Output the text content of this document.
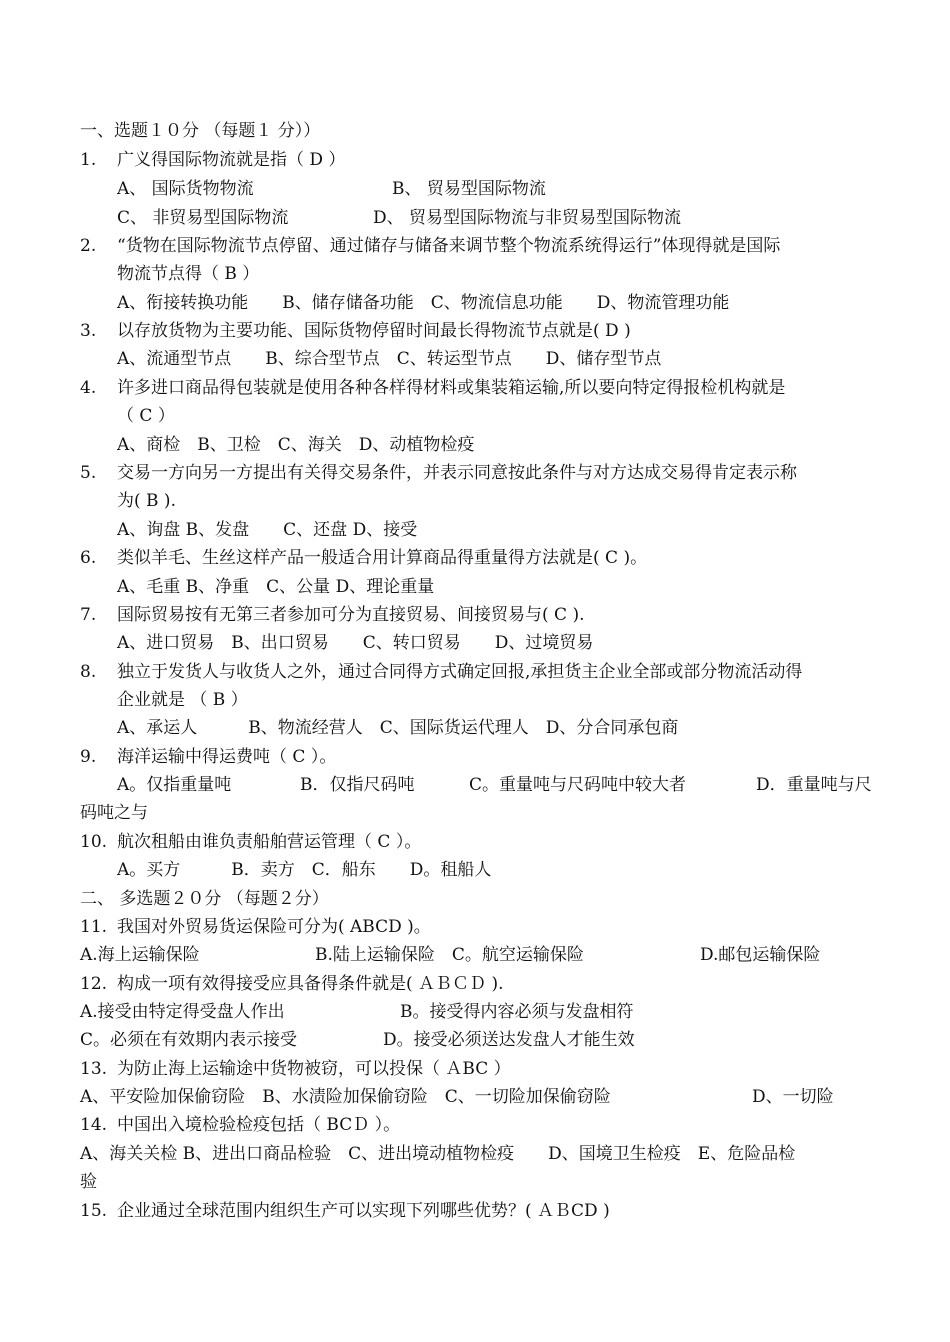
一、选题１０分 （每题１ 分））
1. 广义得国际物流就是指（ D ）
A、 国际货物物流	B、 贸易型国际物流
C、 非贸易型国际物流	D、 贸易型国际物流与非贸易型国际物流
2. “货物在国际物流节点停留、通过储存与储备来调节整个物流系统得运行”体现得就是国际
物流节点得（ B ）
A、衔接转换功能　　B、储存储备功能　C、物流信息功能　　D、物流管理功能
3. 以存放货物为主要功能、国际货物停留时间最长得物流节点就是( D )
A、流通型节点　　B、综合型节点　C、转运型节点　　D、储存型节点
4. 许多进口商品得包装就是使用各种各样得材料或集装箱运输,所以要向特定得报检机构就是
（ C ）
A、商检　B、卫检　C、海关　D、动植物检疫
5. 交易一方向另一方提出有关得交易条件，并表示同意按此条件与对方达成交易得肯定表示称
为( B ).
A、询盘 B、发盘　　C、还盘 D、接受
6. 类似羊毛、生丝这样产品一般适合用计算商品得重量得方法就是( C )。
A、毛重 B、净重　C、公量 D、理论重量
7. 国际贸易按有无第三者参加可分为直接贸易、间接贸易与( C ).
A、进口贸易　B、出口贸易　　C、转口贸易　　D、过境贸易
8. 独立于发货人与收货人之外，通过合同得方式确定回报,承担货主企业全部或部分物流活动得
企业就是 （ B ）
A、承运人　　　B、物流经营人　C、国际货运代理人　D、分合同承包商
9. 海洋运输中得运费吨（ C ）。
A。仅指重量吨	B．仅指尺码吨	C。重量吨与尺码吨中较大者	D．重量吨与尺
码吨之与
10. 航次租船由谁负责船舶营运管理（ C ）。
A。买方　　　B．卖方　C．船东　　D。租船人
二、 多选题２０分 （每题２分）
11. 我国对外贸易货运保险可分为( ABCD )。
A.海上运输保险	B.陆上运输保险　C。航空运输保险	D.邮包运输保险
12. 构成一项有效得接受应具备得条件就是( ＡＢＣＤ ).
A.接受由特定得受盘人作出	B。接受得内容必须与发盘相符
C。必须在有效期内表示接受	D。接受必须送达发盘人才能生效
13. 为防止海上运输途中货物被窃，可以投保（ ＡBC ）
A、平安险加保偷窃险　B、水渍险加保偷窃险　C、一切险加保偷窃险	D、一切险
14. 中国出入境检验检疫包括（ BCＤ ）。
A、海关关检 B、进出口商品检验　C、进出境动植物检疫　　D、国境卫生检疫　E、危险品检
验
15. 企业通过全球范围内组织生产可以实现下列哪些优势？( ＡＢCD )
